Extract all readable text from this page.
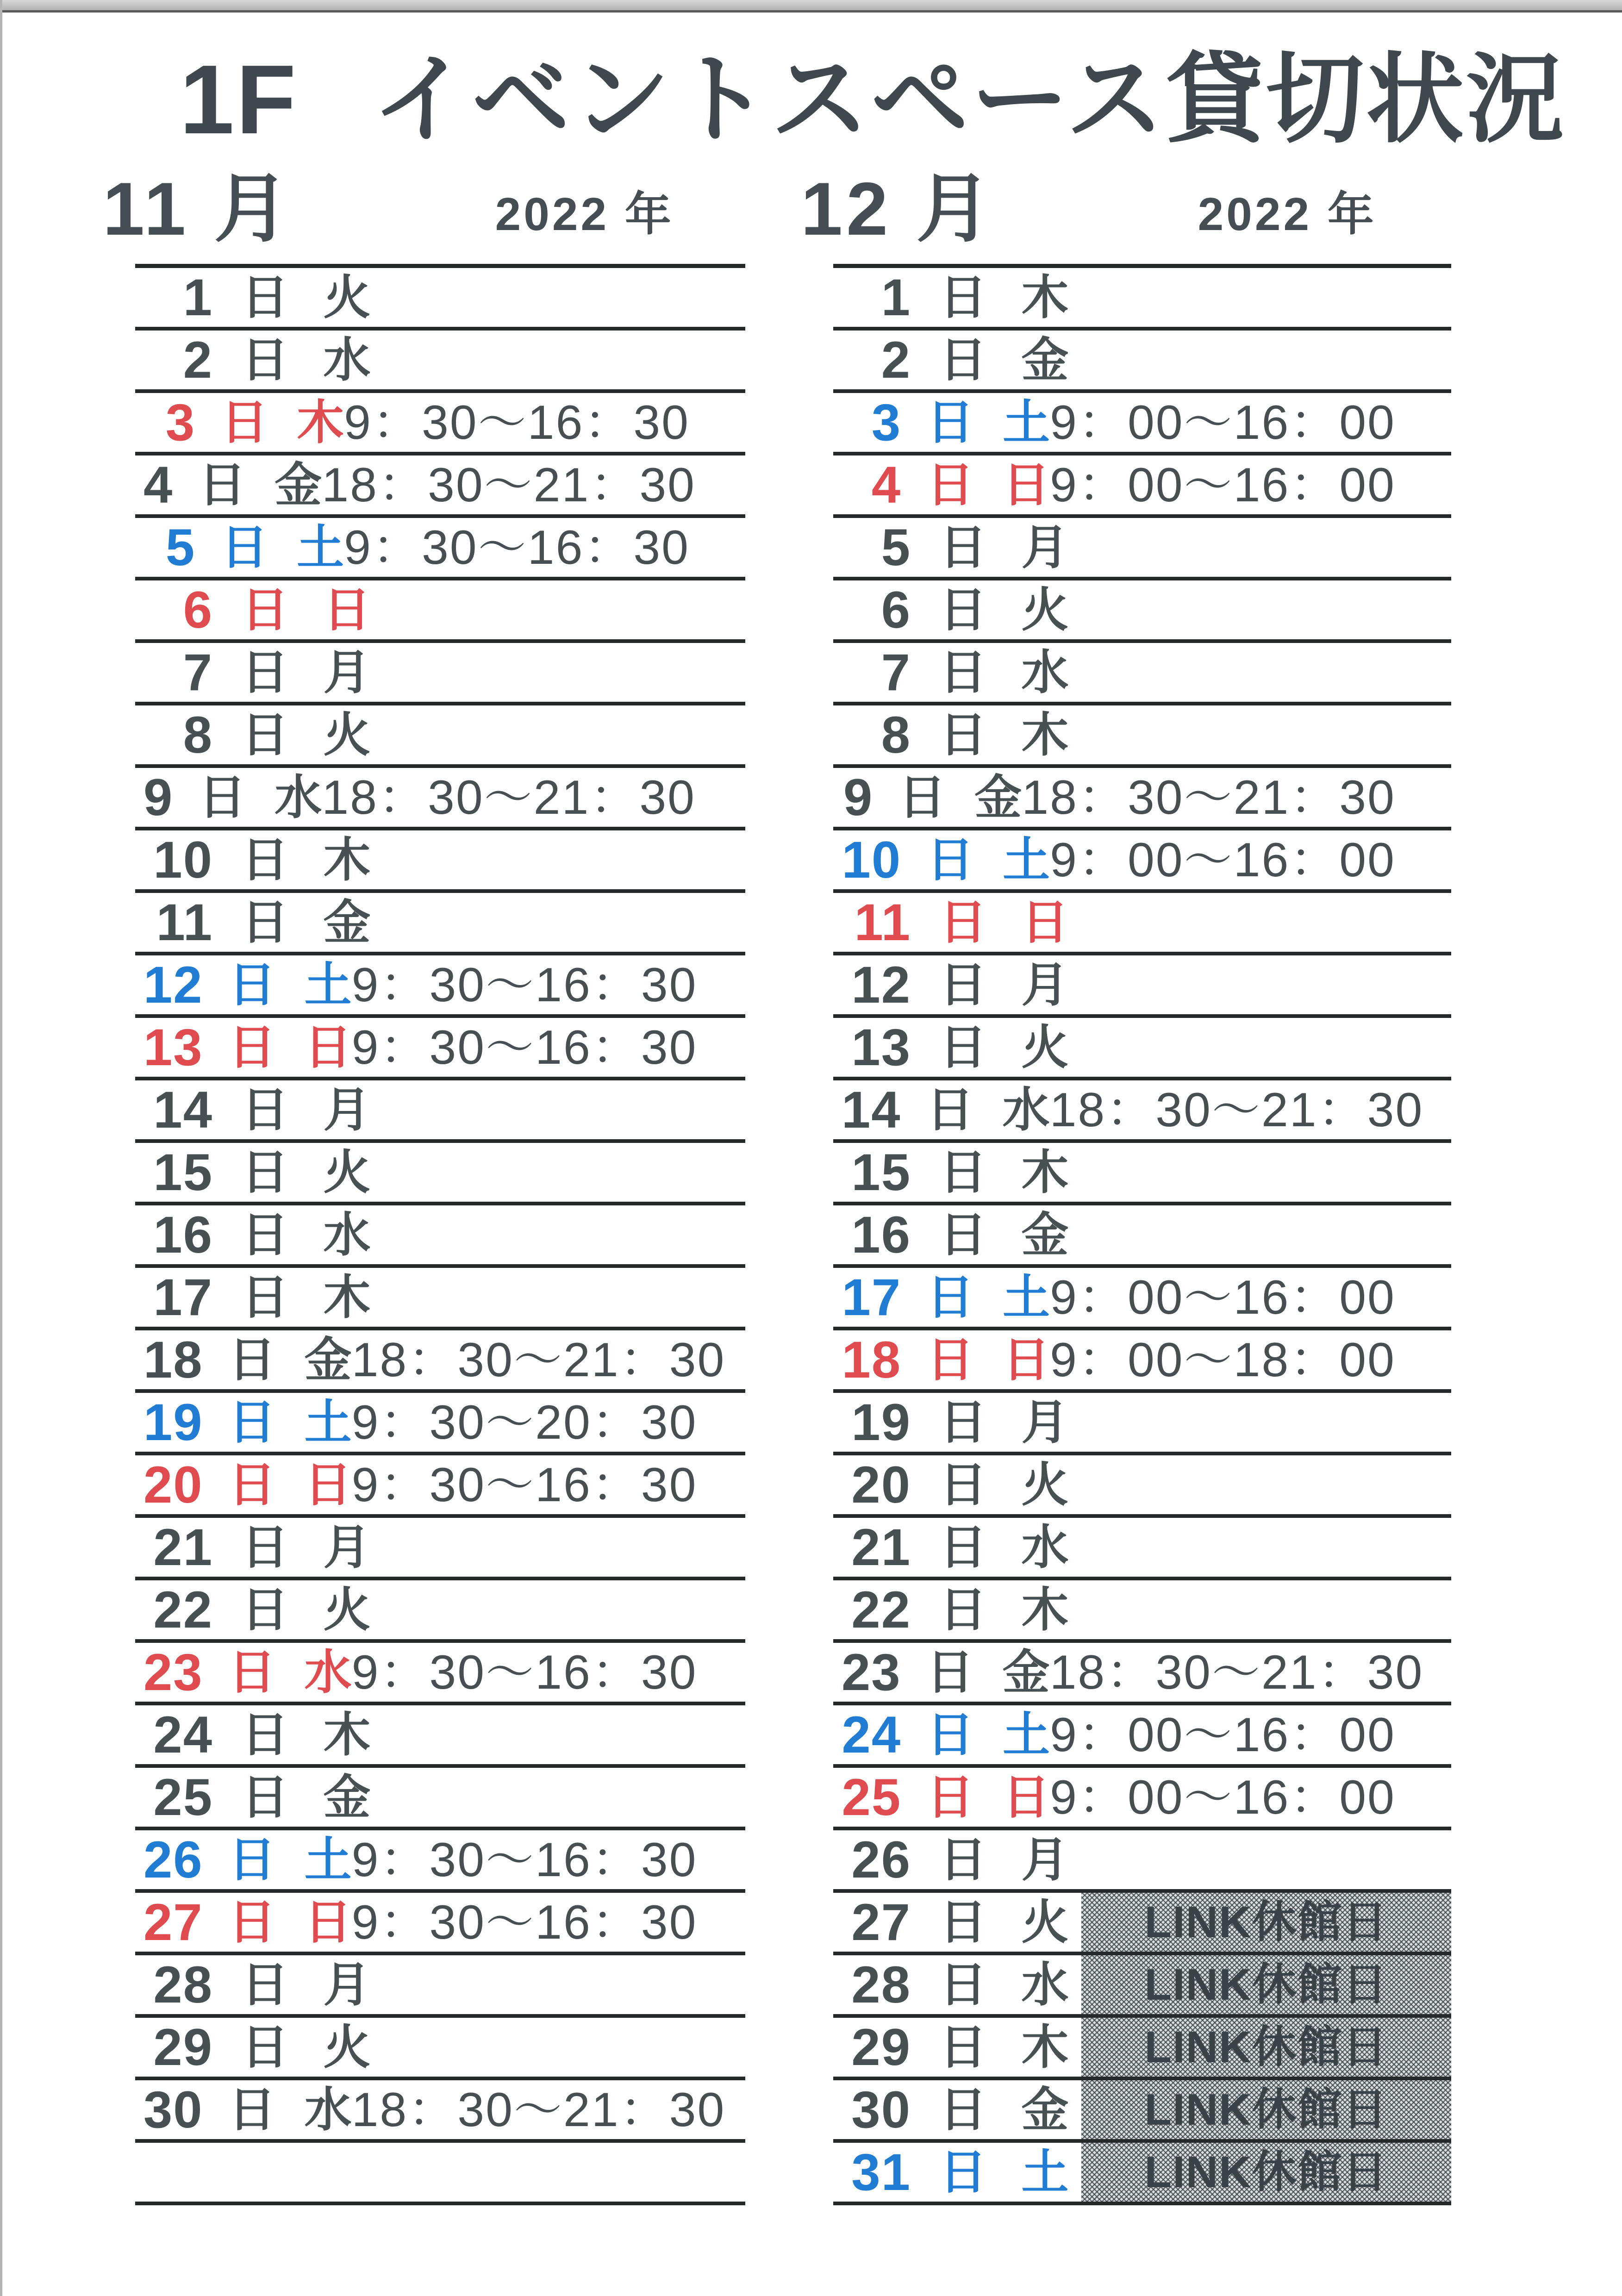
1F イベントスペース貸切状況
11 月	2022 年
1 日 火
2 日 水
3 日 木 9：30〜16：30
4 日 金 18：30〜21：30
5 日 土 9：30〜16：30
6 日 日
7 日 月
8 日 火
9 日 水 18：30〜21：30
10 日 木
11 日 金
12 日 土 9：30〜16：30
13 日 日 9：30〜16：30
14 日 月
15 日 火
16 日 水
17 日 木
18 日 金 18：30〜21：30
19 日 土 9：30〜20：30
20 日 日 9：30〜16：30
21 日 月
22 日 火
23 日 水 9：30〜16：30
24 日 木
25 日 金
26 日 土 9：30〜16：30
27 日 日 9：30〜16：30
28 日 月
29 日 火
30 日 水 18：30〜21：30
12 月	2022 年
1 日 木
2 日 金
3 日 土 9：00〜16：00
4 日 日 9：00〜16：00
5 日 月
6 日 火
7 日 水
8 日 木
9 日 金 18：30〜21：30
10 日 土 9：00〜16：00
11 日 日
12 日 月
13 日 火
14 日 水 18：30〜21：30
15 日 木
16 日 金
17 日 土 9：00〜16：00
18 日 日 9：00〜18：00
19 日 月
20 日 火
21 日 水
22 日 木
23 日 金 18：30〜21：30
24 日 土 9：00〜16：00
25 日 日 9：00〜16：00
26 日 月
27 日 火 LINK休館日
28 日 水 LINK休館日
29 日 木 LINK休館日
30 日 金 LINK休館日
31 日 土 LINK休館日
